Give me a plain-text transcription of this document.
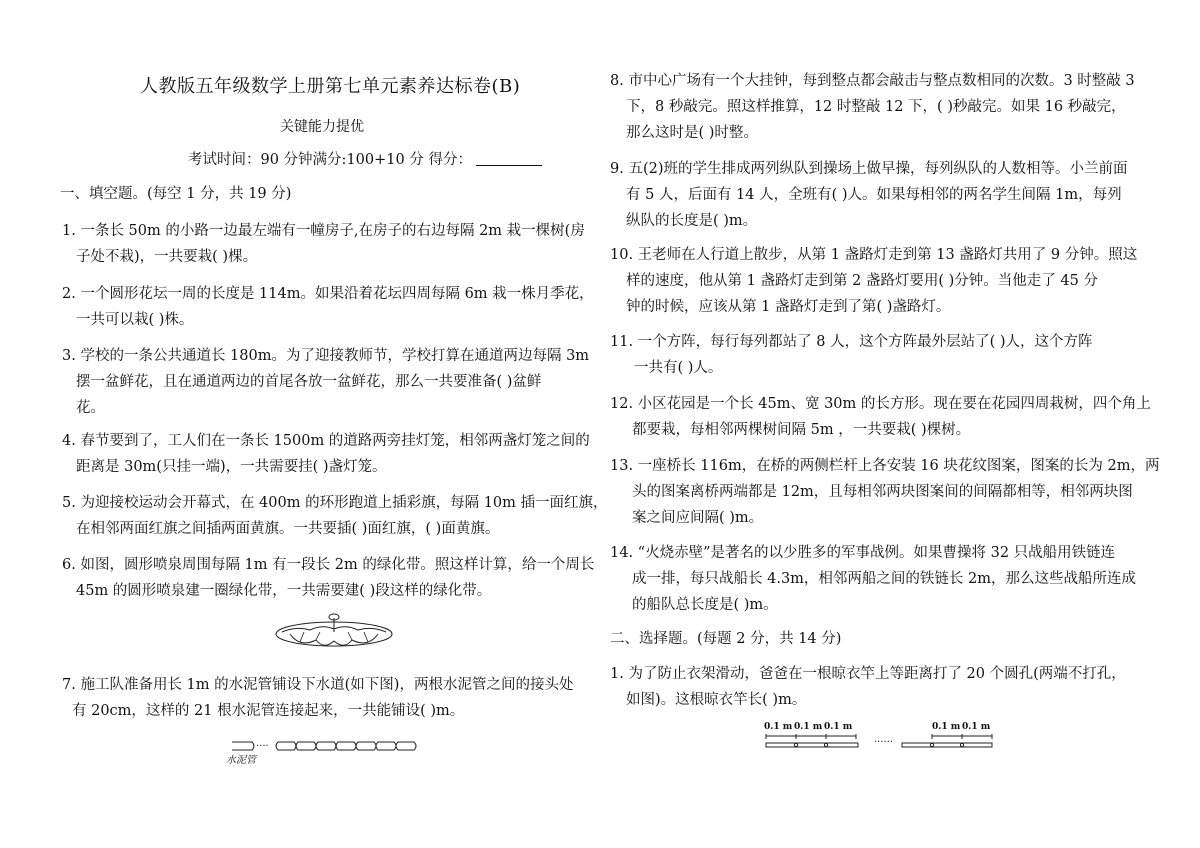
人教版五年级数学上册第七单元素养达标卷(B)
关键能力提优
考试时间：90 分钟满分:100+10 分 得分：
一、填空题。(每空 1 分，共 19 分)
1. 一条长 50m 的小路一边最左端有一幢房子,在房子的右边每隔 2m 栽一棵树(房
子处不栽)，一共要栽( )棵。
2. 一个圆形花坛一周的长度是 114m。如果沿着花坛四周每隔 6m 栽一株月季花，
一共可以栽( )株。
3. 学校的一条公共通道长 180m。为了迎接教师节，学校打算在通道两边每隔 3m
摆一盆鲜花，且在通道两边的首尾各放一盆鲜花，那么一共要准备( )盆鲜
花。
4. 春节要到了，工人们在一条长 1500m 的道路两旁挂灯笼，相邻两盏灯笼之间的
距离是 30m(只挂一端)，一共需要挂( )盏灯笼。
5. 为迎接校运动会开幕式，在 400m 的环形跑道上插彩旗，每隔 10m 插一面红旗，
在相邻两面红旗之间插两面黄旗。一共要插( )面红旗，( )面黄旗。
6. 如图，圆形喷泉周围每隔 1m 有一段长 2m 的绿化带。照这样计算，给一个周长
45m 的圆形喷泉建一圈绿化带，一共需要建( )段这样的绿化带。
7. 施工队准备用长 1m 的水泥管铺设下水道(如下图)，两根水泥管之间的接头处
有 20cm，这样的 21 根水泥管连接起来，一共能铺设( )m。
····
水泥管
8. 市中心广场有一个大挂钟，每到整点都会敲击与整点数相同的次数。3 时整敲 3
下，8 秒敲完。照这样推算，12 时整敲 12 下，( )秒敲完。如果 16 秒敲完，
那么这时是( )时整。
9. 五(2)班的学生排成两列纵队到操场上做早操，每列纵队的人数相等。小兰前面
有 5 人，后面有 14 人，全班有( )人。如果每相邻的两名学生间隔 1m，每列
纵队的长度是( )m。
10. 王老师在人行道上散步，从第 1 盏路灯走到第 13 盏路灯共用了 9 分钟。照这
样的速度，他从第 1 盏路灯走到第 2 盏路灯要用( )分钟。当他走了 45 分
钟的时候，应该从第 1 盏路灯走到了第( )盏路灯。
11. 一个方阵，每行每列都站了 8 人，这个方阵最外层站了( )人，这个方阵
一共有( )人。
12. 小区花园是一个长 45m、宽 30m 的长方形。现在要在花园四周栽树，四个角上
都要栽，每相邻两棵树间隔 5m ，一共要栽( )棵树。
13. 一座桥长 116m，在桥的两侧栏杆上各安装 16 块花纹图案，图案的长为 2m，两
头的图案离桥两端都是 12m，且每相邻两块图案间的间隔都相等，相邻两块图
案之间应间隔( )m。
14. “火烧赤壁”是著名的以少胜多的军事战例。如果曹操将 32 只战船用铁链连
成一排，每只战船长 4.3m，相邻两船之间的铁链长 2m，那么这些战船所连成
的船队总长度是( )m。
二、选择题。(每题 2 分，共 14 分)
1. 为了防止衣架滑动，爸爸在一根晾衣竿上等距离打了 20 个圆孔(两端不打孔，
如图)。这根晾衣竿长( )m。
0.1 m 0.1 m 0.1 m	0.1 m 0.1 m
......
